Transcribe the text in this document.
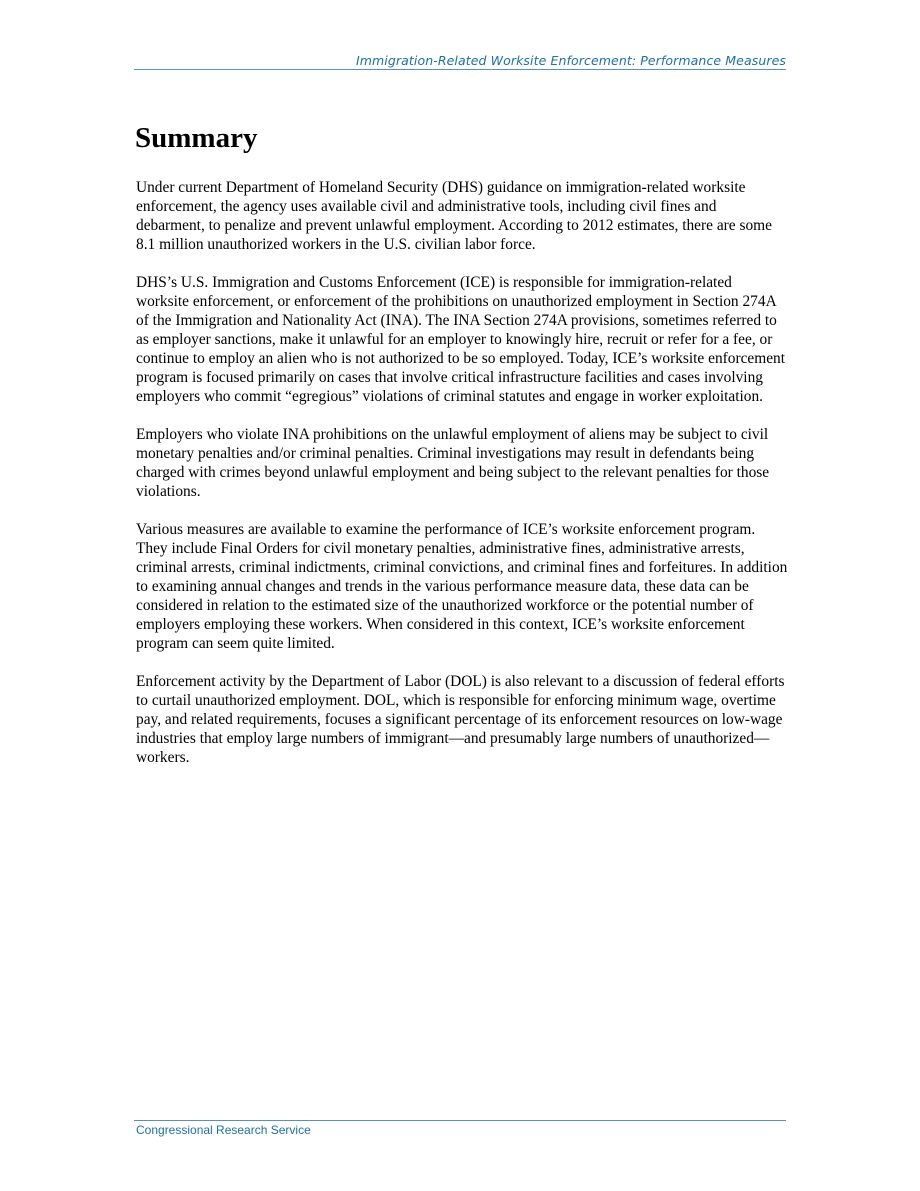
Immigration-Related Worksite Enforcement: Performance Measures
Summary

Under current Department of Homeland Security (DHS) guidance on immigration-related worksite enforcement, the agency uses available civil and administrative tools, including civil fines and debarment, to penalize and prevent unlawful employment. According to 2012 estimates, there are some 8.1 million unauthorized workers in the U.S. civilian labor force.

DHS’s U.S. Immigration and Customs Enforcement (ICE) is responsible for immigration-related worksite enforcement, or enforcement of the prohibitions on unauthorized employment in Section 274A of the Immigration and Nationality Act (INA). The INA Section 274A provisions, sometimes referred to as employer sanctions, make it unlawful for an employer to knowingly hire, recruit or refer for a fee, or continue to employ an alien who is not authorized to be so employed. Today, ICE’s worksite enforcement program is focused primarily on cases that involve critical infrastructure facilities and cases involving employers who commit “egregious” violations of criminal statutes and engage in worker exploitation.

Employers who violate INA prohibitions on the unlawful employment of aliens may be subject to civil monetary penalties and/or criminal penalties. Criminal investigations may result in defendants being charged with crimes beyond unlawful employment and being subject to the relevant penalties for those violations.

Various measures are available to examine the performance of ICE’s worksite enforcement program. They include Final Orders for civil monetary penalties, administrative fines, administrative arrests, criminal arrests, criminal indictments, criminal convictions, and criminal fines and forfeitures. In addition to examining annual changes and trends in the various performance measure data, these data can be considered in relation to the estimated size of the unauthorized workforce or the potential number of employers employing these workers. When considered in this context, ICE’s worksite enforcement program can seem quite limited.

Enforcement activity by the Department of Labor (DOL) is also relevant to a discussion of federal efforts to curtail unauthorized employment. DOL, which is responsible for enforcing minimum wage, overtime pay, and related requirements, focuses a significant percentage of its enforcement resources on low-wage industries that employ large numbers of immigrant—and presumably large numbers of unauthorized—workers.

Congressional Research Service
